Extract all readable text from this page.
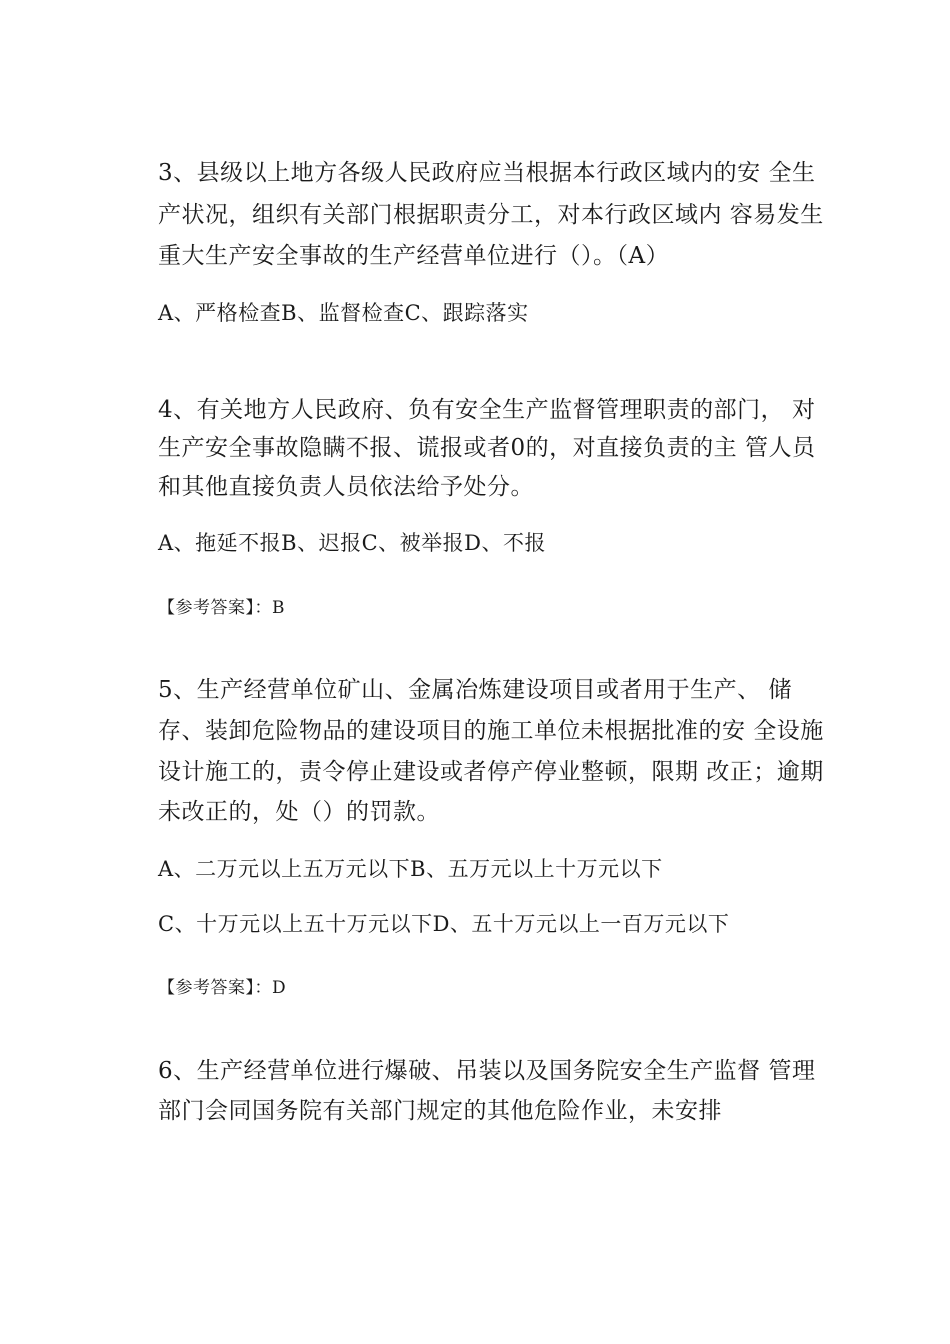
3、县级以上地方各级人民政府应当根据本行政区域内的安 全生
产状况，组织有关部门根据职责分工，对本行政区域内 容易发生
重大生产安全事故的生产经营单位进行（）。（A）
A、严格检查B、监督检查C、跟踪落实
4、有关地方人民政府、负有安全生产监督管理职责的部门， 对
生产安全事故隐瞒不报、谎报或者0的，对直接负责的主 管人员
和其他直接负责人员依法给予处分。
A、拖延不报B、迟报C、被举报D、不报
【参考答案】：B
5、生产经营单位矿山、金属冶炼建设项目或者用于生产、 储
存、装卸危险物品的建设项目的施工单位未根据批准的安 全设施
设计施工的，责令停止建设或者停产停业整顿，限期 改正；逾期
未改正的，处（）的罚款。
A、二万元以上五万元以下B、五万元以上十万元以下
C、十万元以上五十万元以下D、五十万元以上一百万元以下
【参考答案】：D
6、生产经营单位进行爆破、吊装以及国务院安全生产监督 管理
部门会同国务院有关部门规定的其他危险作业，未安排
